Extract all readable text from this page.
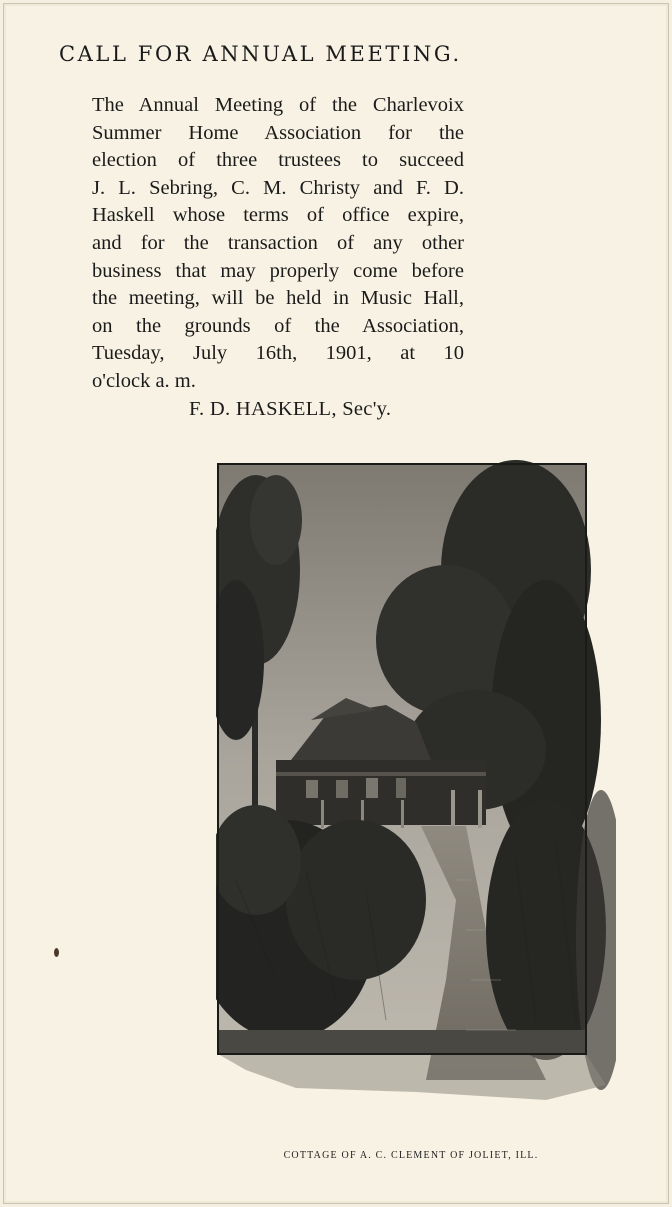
CALL FOR ANNUAL MEETING.
The Annual Meeting of the Charlevoix
Summer Home Association for the
election of three trustees to succeed
J. L. Sebring, C. M. Christy and F. D.
Haskell whose terms of office expire,
and for the transaction of any other
business that may properly come before
the meeting, will be held in Music Hall,
on the grounds of the Association,
Tuesday, July 16th, 1901, at 10
o'clock a. m.
F. D. HASKELL, Sec'y.
COTTAGE OF A. C. CLEMENT OF JOLIET, ILL.
